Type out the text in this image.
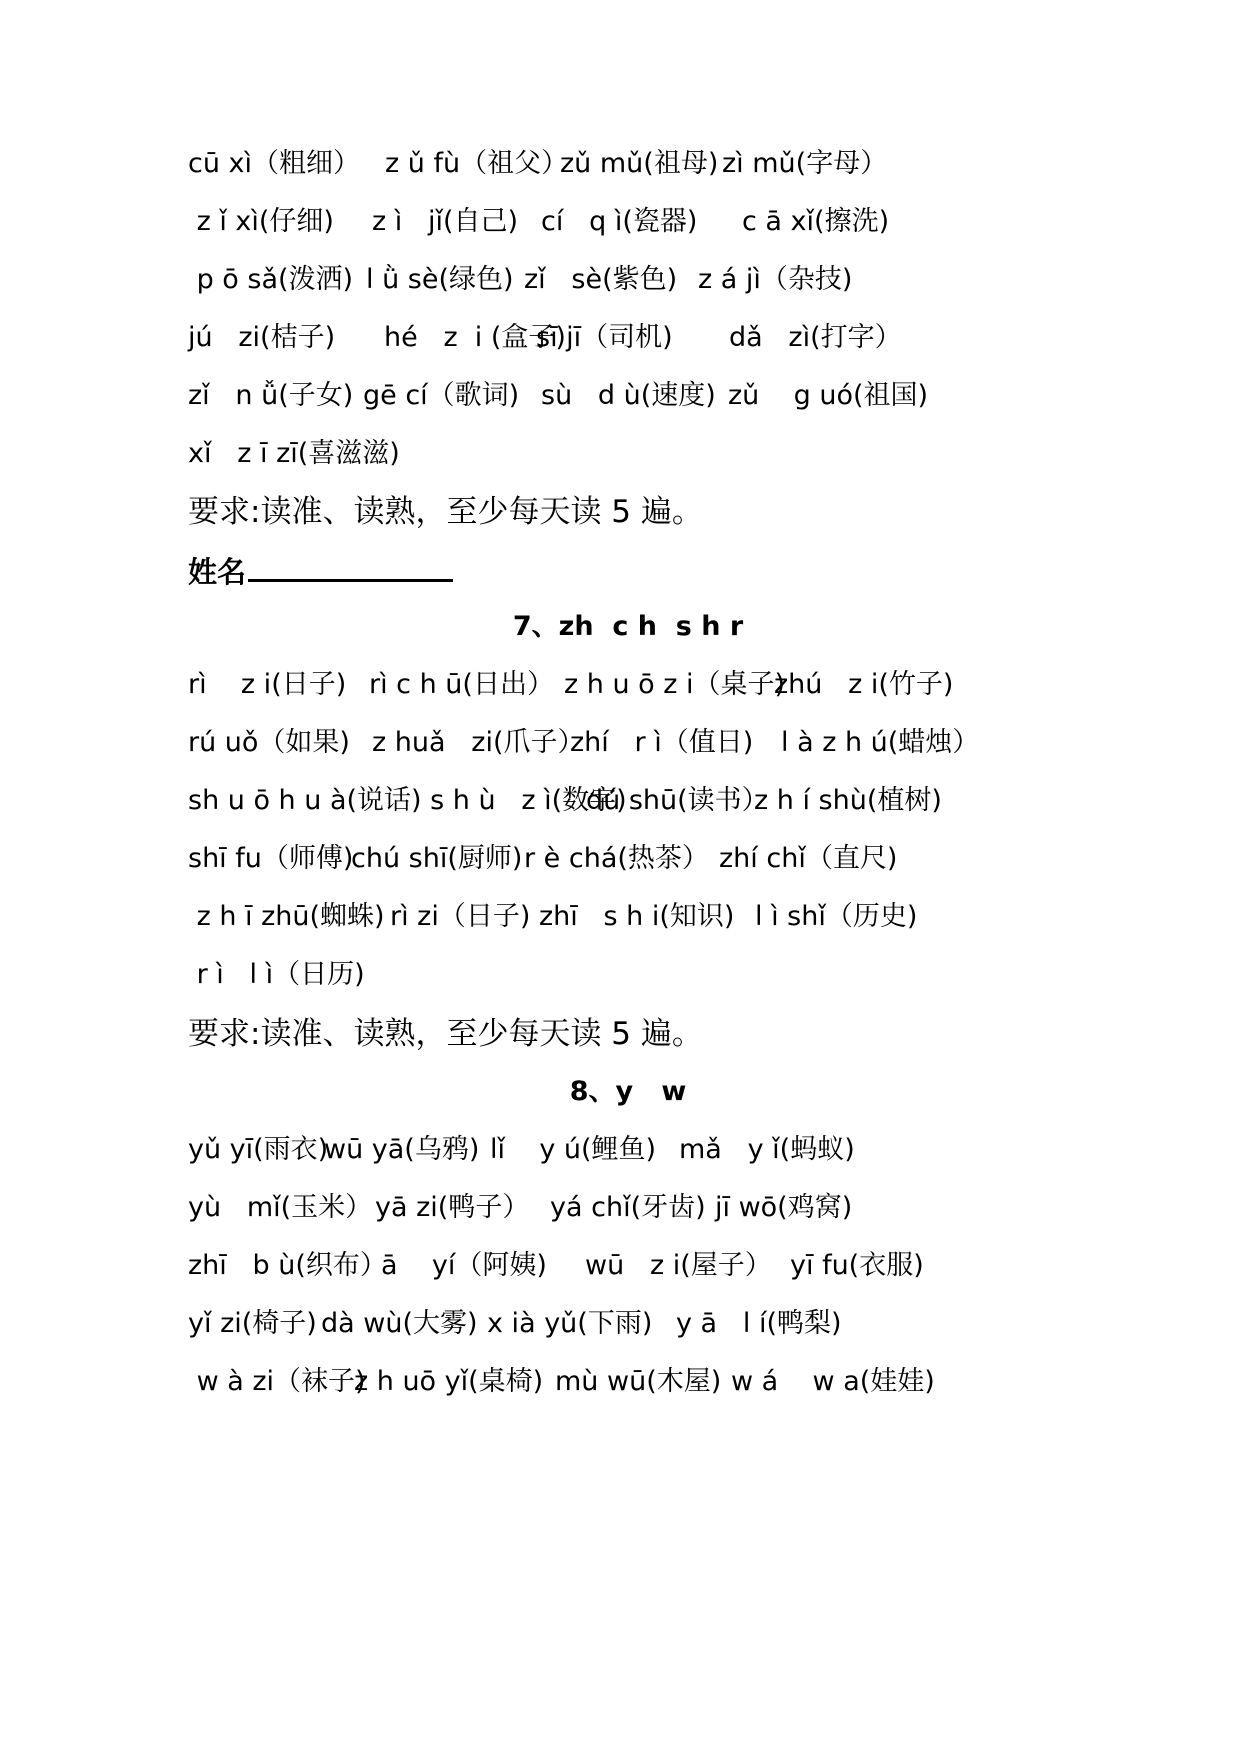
cū xì（粗细） z ǔ fù（祖父）
zǔ mǔ(祖母) zì mǔ(字母）
z ǐ xì(仔细) z ì   jǐ(自己) cí   q ì(瓷器) c ā xǐ(擦洗)
p ō sǎ(泼洒) l ǜ sè(绿色) zǐ   sè(紫色) z á jì（杂技)
jú   zi(桔子) hé   z  i (盒子)
sī jī（司机) dǎ   zì(打字）
zǐ   n ǚ(子女) gē cí（歌词) sù   d ù(速度) zǔ    g uó(祖国)
xǐ   z ī zī(喜滋滋)
要求:读准、读熟，至少每天读 5 遍。
姓名
7、zh  c h  s h r
rì    z i(日子) rì c h ū(日出） z h u ō z i（桌子)
zhú   z i(竹子)
rú uǒ（如果) z huǎ   zi(爪子）
zhí   r ì（值日) l à z h ú(蜡烛）
sh u ō h u à(说话) s h ù   z ì(数字)
dú shū(读书）
z h í shù(植树)
shī fu（师傅)
chú shī(厨师) r è chá(热茶） zhí chǐ（直尺)
z h ī zhū(蜘蛛) rì zi（日子) zhī   s h i(知识) l ì shǐ（历史)
r ì   l ì（日历)
要求:读准、读熟，至少每天读 5 遍。
8、y   w
yǔ yī(雨衣)
wū yā(乌鸦) lǐ    y ú(鲤鱼) mǎ   y ǐ(蚂蚁)
yù   mǐ(玉米） yā zi(鸭子） yá chǐ(牙齿) jī wō(鸡窝)
zhī   b ù(织布）
ā    yí（阿姨) wū   z i(屋子） yī fu(衣服)
yǐ zi(椅子) dà wù(大雾) x ià yǔ(下雨) y ā   l í(鸭梨)
w à zi（袜子)
z h uō yǐ(桌椅) mù wū(木屋) w á    w a(娃娃)
